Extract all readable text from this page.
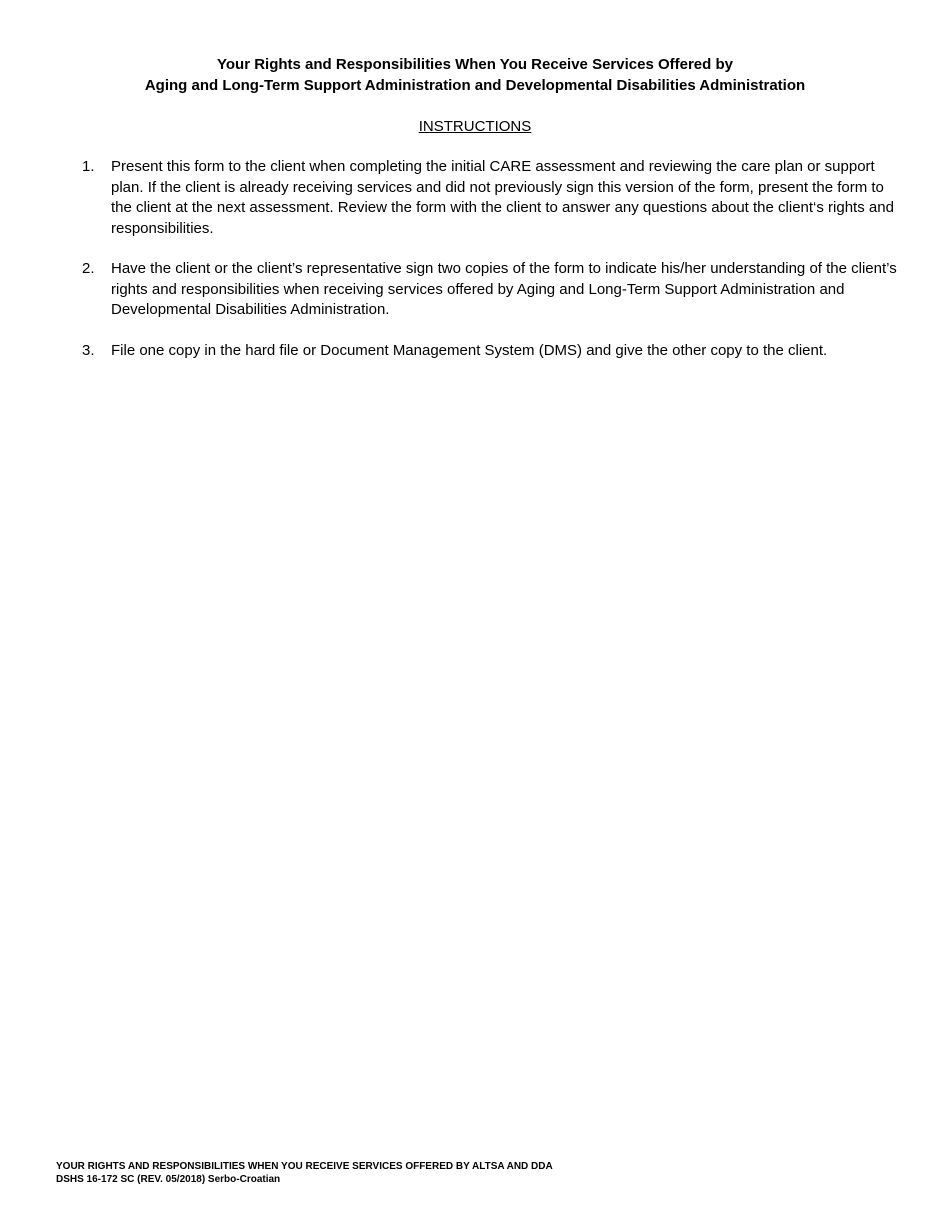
Your Rights and Responsibilities When You Receive Services Offered by
Aging and Long-Term Support Administration and Developmental Disabilities Administration
INSTRUCTIONS
1.	Present this form to the client when completing the initial CARE assessment and reviewing the care plan or support plan. If the client is already receiving services and did not previously sign this version of the form, present the form to the client at the next assessment. Review the form with the client to answer any questions about the client‘s rights and responsibilities.
2.	Have the client or the client’s representative sign two copies of the form to indicate his/her understanding of the client’s rights and responsibilities when receiving services offered by Aging and Long-Term Support Administration and Developmental Disabilities Administration.
3.	File one copy in the hard file or Document Management System (DMS) and give the other copy to the client.
YOUR RIGHTS AND RESPONSIBILITIES WHEN YOU RECEIVE SERVICES OFFERED BY ALTSA AND DDA
DSHS 16-172 SC (REV. 05/2018) Serbo-Croatian
